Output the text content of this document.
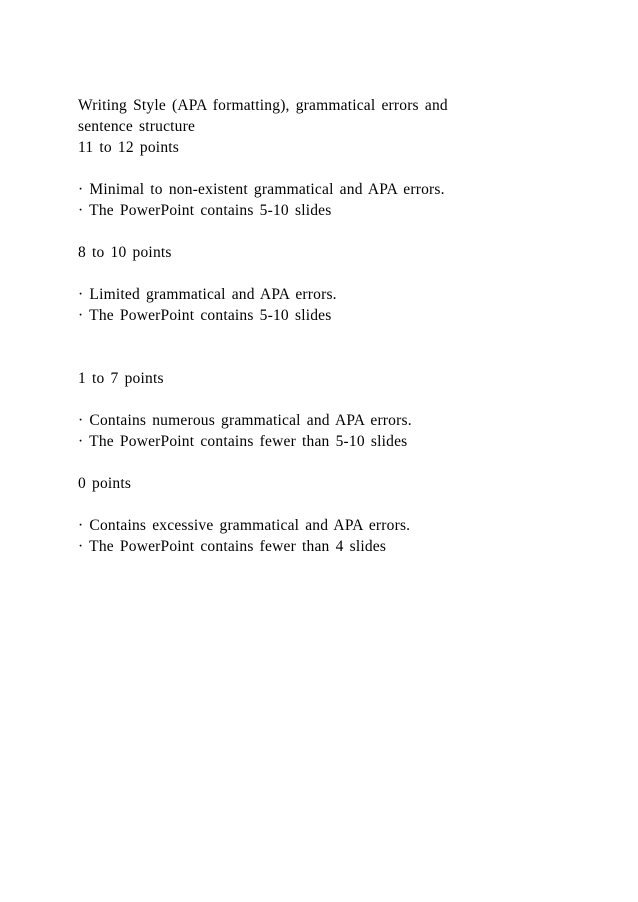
Writing Style (APA formatting), grammatical errors and
sentence structure
11 to 12 points
· Minimal to non-existent grammatical and APA errors.
· The PowerPoint contains 5-10 slides
8 to 10 points
· Limited grammatical and APA errors.
· The PowerPoint contains 5-10 slides
1 to 7 points
· Contains numerous grammatical and APA errors.
· The PowerPoint contains fewer than 5-10 slides
0 points
· Contains excessive grammatical and APA errors.
· The PowerPoint contains fewer than 4 slides
